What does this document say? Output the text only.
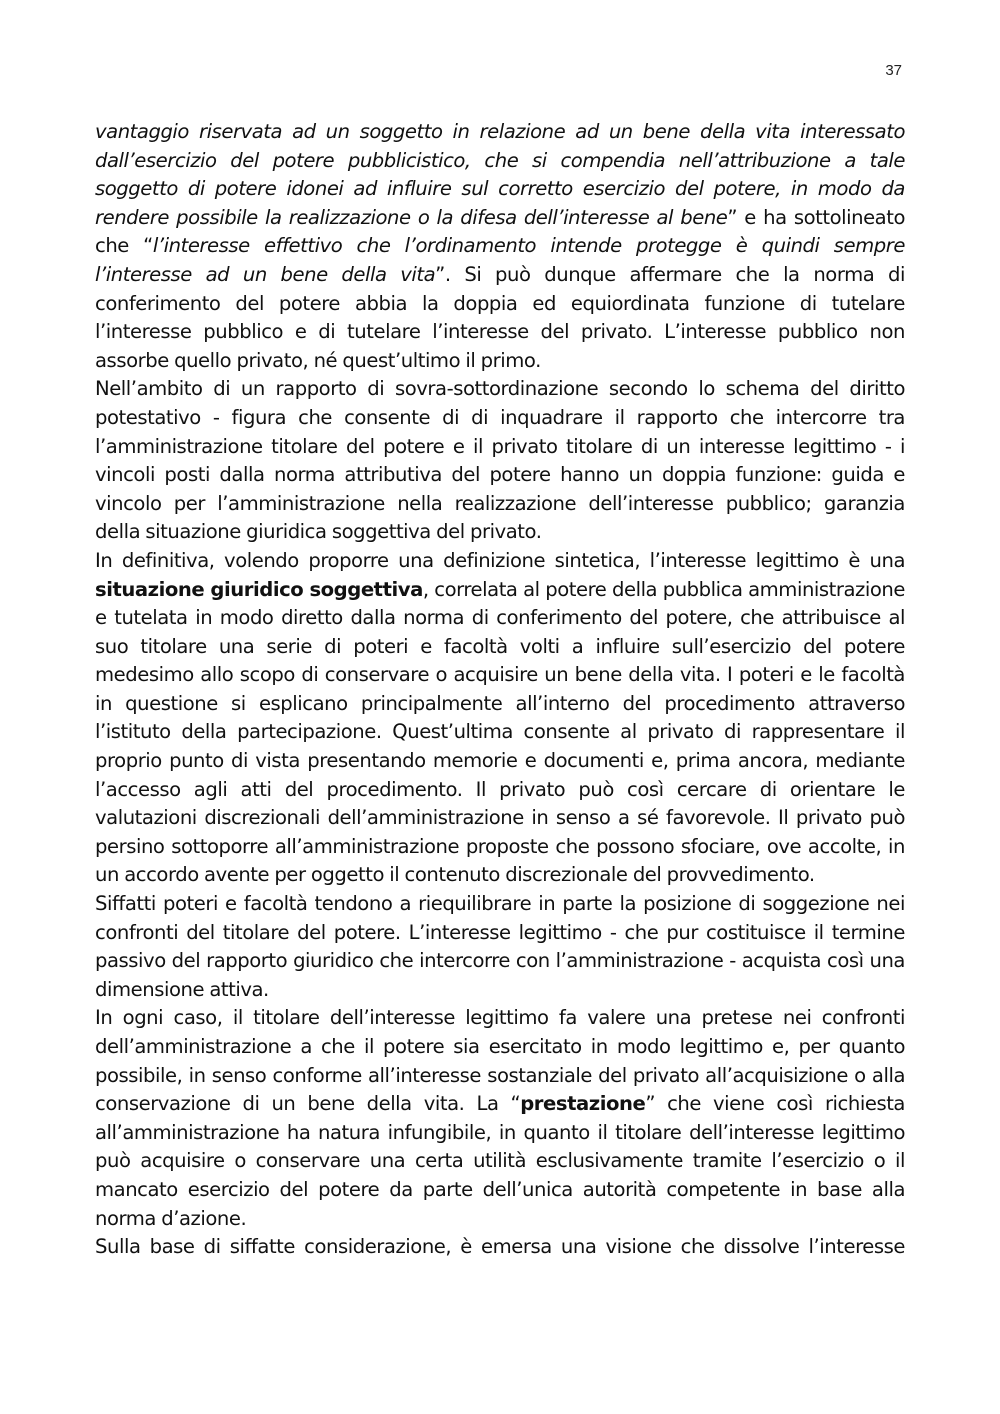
37

vantaggio riservata ad un soggetto in relazione ad un bene della vita interessato dall’esercizio del potere pubblicistico, che si compendia nell’attribuzione a tale soggetto di potere idonei ad influire sul corretto esercizio del potere, in modo da rendere possibile la realizzazione o la difesa dell’interesse al bene” e ha sottolineato che “l’interesse effettivo che l’ordinamento intende protegge è quindi sempre l’interesse ad un bene della vita”. Si può dunque affermare che la norma di conferimento del potere abbia la doppia ed equiordinata funzione di tutelare l’interesse pubblico e di tutelare l’interesse del privato. L’interesse pubblico non assorbe quello privato, né quest’ultimo il primo.

Nell’ambito di un rapporto di sovra-sottordinazione secondo lo schema del diritto potestativo - figura che consente di di inquadrare il rapporto che intercorre tra l’amministrazione titolare del potere e il privato titolare di un interesse legittimo - i vincoli posti dalla norma attributiva del potere hanno un doppia funzione: guida e vincolo per l’amministrazione nella realizzazione dell’interesse pubblico; garanzia della situazione giuridica soggettiva del privato.

In definitiva, volendo proporre una definizione sintetica, l’interesse legittimo è una situazione giuridico soggettiva, correlata al potere della pubblica amministrazione e tutelata in modo diretto dalla norma di conferimento del potere, che attribuisce al suo titolare una serie di poteri e facoltà volti a influire sull’esercizio del potere medesimo allo scopo di conservare o acquisire un bene della vita. I poteri e le facoltà in questione si esplicano principalmente all’interno del procedimento attraverso l’istituto della partecipazione. Quest’ultima consente al privato di rappresentare il proprio punto di vista presentando memorie e documenti e, prima ancora, mediante l’accesso agli atti del procedimento. Il privato può così cercare di orientare le valutazioni discrezionali dell’amministrazione in senso a sé favorevole. Il privato può persino sottoporre all’amministrazione proposte che possono sfociare, ove accolte, in un accordo avente per oggetto il contenuto discrezionale del provvedimento.

Siffatti poteri e facoltà tendono a riequilibrare in parte la posizione di soggezione nei confronti del titolare del potere. L’interesse legittimo - che pur costituisce il termine passivo del rapporto giuridico che intercorre con l’amministrazione - acquista così una dimensione attiva.

In ogni caso, il titolare dell’interesse legittimo fa valere una pretese nei confronti dell’amministrazione a che il potere sia esercitato in modo legittimo e, per quanto possibile, in senso conforme all’interesse sostanziale del privato all’acquisizione o alla conservazione di un bene della vita. La “prestazione” che viene così richiesta all’amministrazione ha natura infungibile, in quanto il titolare dell’interesse legittimo può acquisire o conservare una certa utilità esclusivamente tramite l’esercizio o il mancato esercizio del potere da parte dell’unica autorità competente in base alla norma d’azione.

Sulla base di siffatte considerazione, è emersa una visione che dissolve l’interesse
